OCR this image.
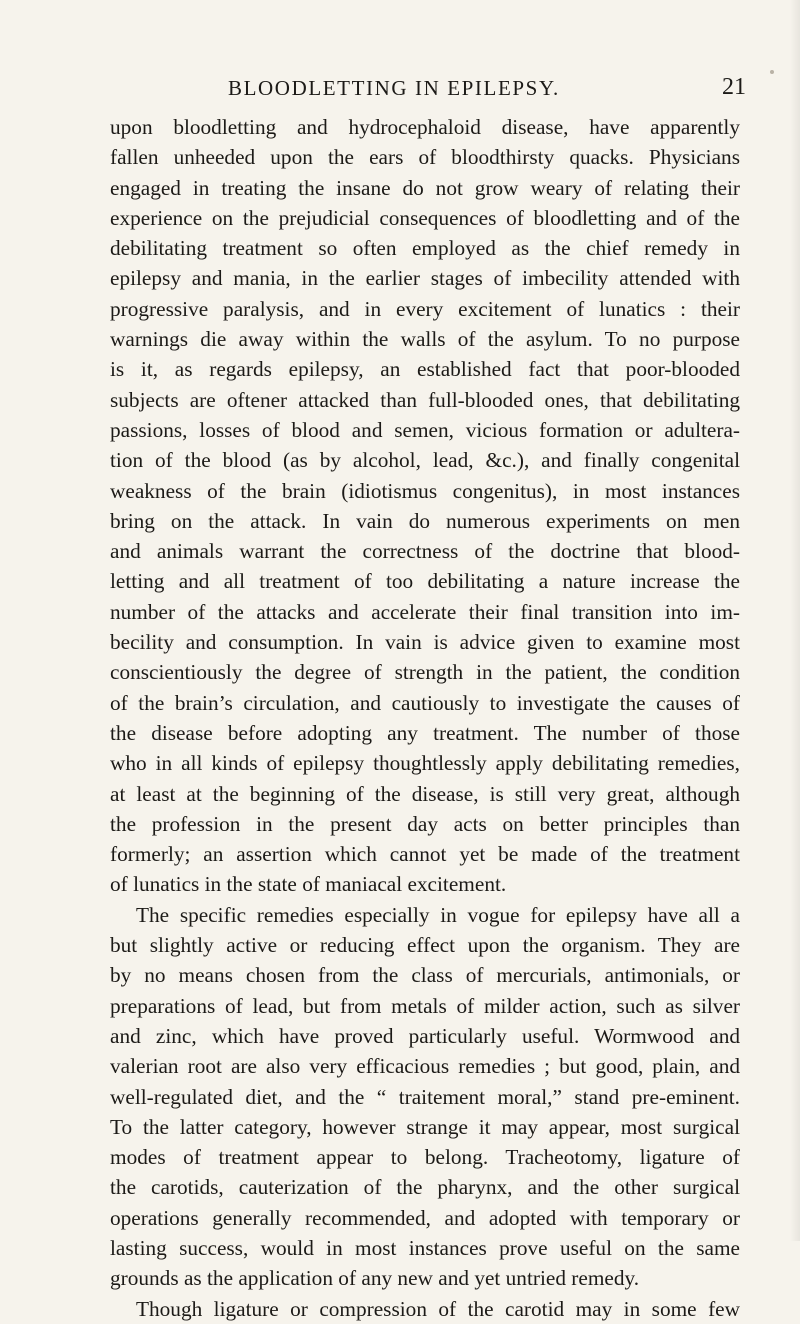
BLOODLETTING IN EPILEPSY.	21
upon bloodletting and hydrocephaloid disease, have apparently
fallen unheeded upon the ears of bloodthirsty quacks. Physicians
engaged in treating the insane do not grow weary of relating their
experience on the prejudicial consequences of bloodletting and of the
debilitating treatment so often employed as the chief remedy in
epilepsy and mania, in the earlier stages of imbecility attended with
progressive paralysis, and in every excitement of lunatics : their
warnings die away within the walls of the asylum. To no purpose
is it, as regards epilepsy, an established fact that poor-blooded
subjects are oftener attacked than full-blooded ones, that debilitating
passions, losses of blood and semen, vicious formation or adultera-
tion of the blood (as by alcohol, lead, &c.), and finally congenital
weakness of the brain (idiotismus congenitus), in most instances
bring on the attack. In vain do numerous experiments on men
and animals warrant the correctness of the doctrine that blood-
letting and all treatment of too debilitating a nature increase the
number of the attacks and accelerate their final transition into im-
becility and consumption. In vain is advice given to examine most
conscientiously the degree of strength in the patient, the condition
of the brain’s circulation, and cautiously to investigate the causes of
the disease before adopting any treatment. The number of those
who in all kinds of epilepsy thoughtlessly apply debilitating remedies,
at least at the beginning of the disease, is still very great, although
the profession in the present day acts on better principles than
formerly; an assertion which cannot yet be made of the treatment
of lunatics in the state of maniacal excitement.
The specific remedies especially in vogue for epilepsy have all a
but slightly active or reducing effect upon the organism. They are
by no means chosen from the class of mercurials, antimonials, or
preparations of lead, but from metals of milder action, such as silver
and zinc, which have proved particularly useful. Wormwood and
valerian root are also very efficacious remedies ; but good, plain, and
well-regulated diet, and the “ traitement moral,” stand pre-eminent.
To the latter category, however strange it may appear, most surgical
modes of treatment appear to belong. Tracheotomy, ligature of
the carotids, cauterization of the pharynx, and the other surgical
operations generally recommended, and adopted with temporary or
lasting success, would in most instances prove useful on the same
grounds as the application of any new and yet untried remedy.
Though ligature or compression of the carotid may in some few
